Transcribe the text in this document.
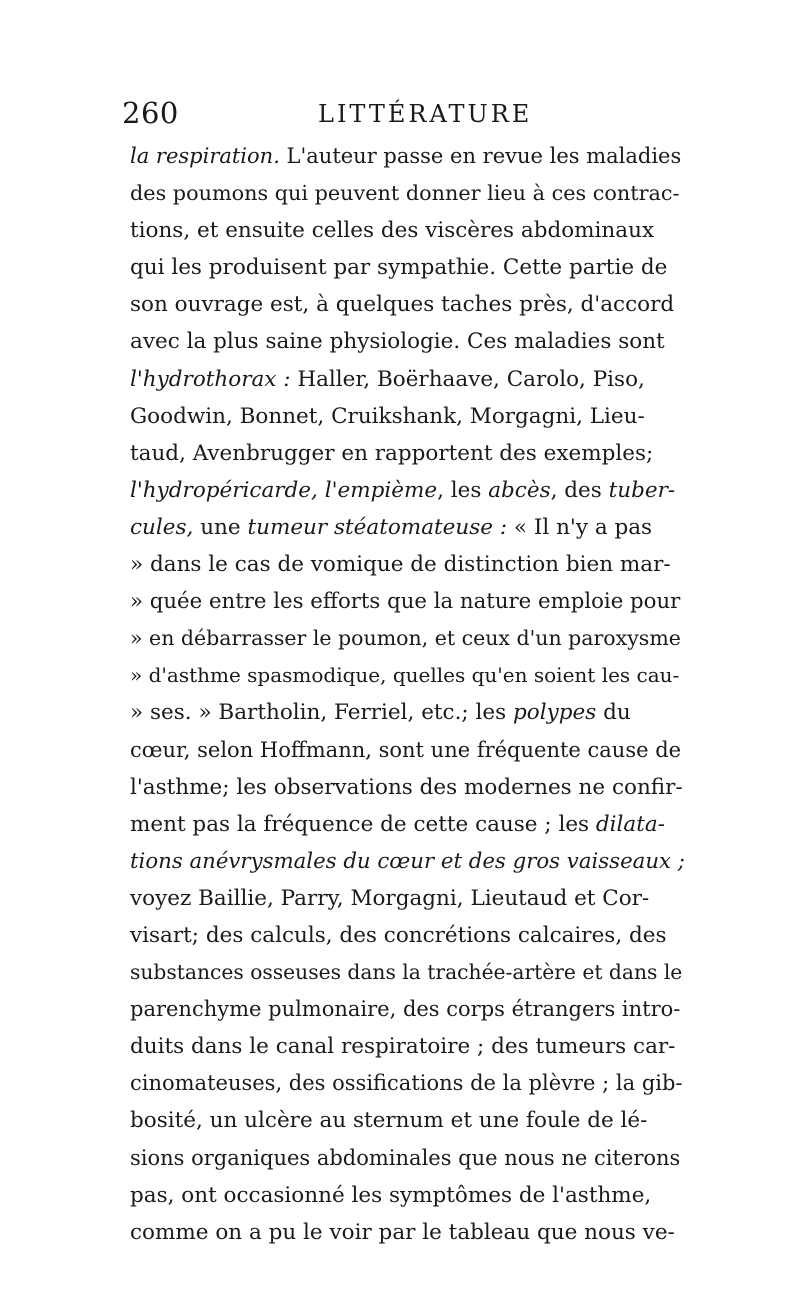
260	LITTÉRATURE
la respiration. L'auteur passe en revue les maladies
des poumons qui peuvent donner lieu à ces contrac-
tions, et ensuite celles des viscères abdominaux
qui les produisent par sympathie. Cette partie de
son ouvrage est, à quelques taches près, d'accord
avec la plus saine physiologie. Ces maladies sont
l'hydrothorax : Haller, Boërhaave, Carolo, Piso,
Goodwin, Bonnet, Cruikshank, Morgagni, Lieu-
taud, Avenbrugger en rapportent des exemples;
l'hydropéricarde, l'empième, les abcès, des tuber-
cules, une tumeur stéatomateuse : « Il n'y a pas
» dans le cas de vomique de distinction bien mar-
» quée entre les efforts que la nature emploie pour
» en débarrasser le poumon, et ceux d'un paroxysme
» d'asthme spasmodique, quelles qu'en soient les cau-
» ses. » Bartholin, Ferriel, etc.; les polypes du
cœur, selon Hoffmann, sont une fréquente cause de
l'asthme; les observations des modernes ne confir-
ment pas la fréquence de cette cause ; les dilata-
tions anévrysmales du cœur et des gros vaisseaux ;
voyez Baillie, Parry, Morgagni, Lieutaud et Cor-
visart; des calculs, des concrétions calcaires, des
substances osseuses dans la trachée-artère et dans le
parenchyme pulmonaire, des corps étrangers intro-
duits dans le canal respiratoire ; des tumeurs car-
cinomateuses, des ossifications de la plèvre ; la gib-
bosité, un ulcère au sternum et une foule de lé-
sions organiques abdominales que nous ne citerons
pas, ont occasionné les symptômes de l'asthme,
comme on a pu le voir par le tableau que nous ve-
